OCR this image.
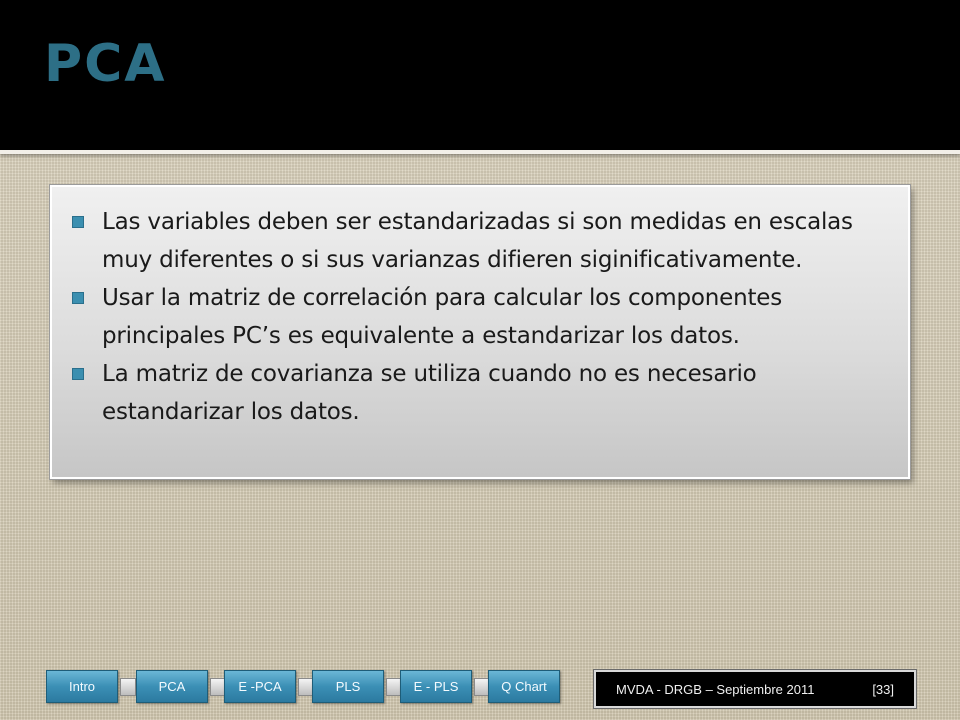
PCA
Las variables deben ser estandarizadas si son medidas en escalas muy diferentes o si sus varianzas difieren siginificativamente.
Usar la matriz de correlación para calcular los componentes principales PC’s es equivalente a estandarizar los datos.
La matriz de covarianza se utiliza cuando no es necesario estandarizar los datos.
Intro	PCA	E -PCA	PLS	E - PLS	Q Chart	MVDA - DRGB – Septiembre 2011	[33]
